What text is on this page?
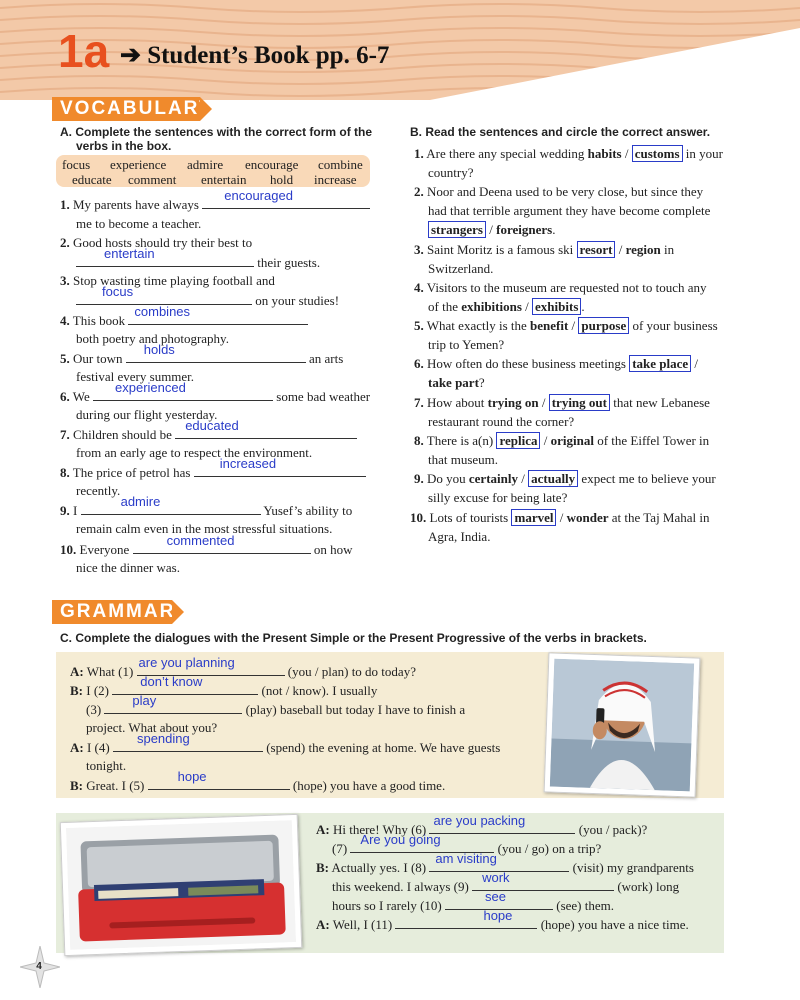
1a ➔ Student’s Book pp. 6-7
VOCABULARY
A. Complete the sentences with the correct form of the
verbs in the box.
focus experience admire encourage combine
educate comment entertain hold increase
1. My parents have always
encouraged
me to become a teacher.
2. Good hosts should try their best to
entertain
their guests.
3. Stop wasting time playing football and
focus
on your studies!
4. This book
combines
both poetry and photography.
5. Our town
holds
an arts
festival every summer.
6. We
experienced
some bad weather
during our flight yesterday.
7. Children should be
educated
from an early age to respect the environment.
8. The price of petrol has
increased
recently.
9. I
admire
Yusef’s ability to
remain calm even in the most stressful situations.
10. Everyone
commented
on how
nice the dinner was.
B. Read the sentences and circle the correct answer.
1. Are there any special wedding habits / customs in your
country?
2. Noor and Deena used to be very close, but since they
had that terrible argument they have become complete
strangers / foreigners.
3. Saint Moritz is a famous ski resort / region in
Switzerland.
4. Visitors to the museum are requested not to touch any
of the exhibitions / exhibits .
5. What exactly is the benefit / purpose of your business
trip to Yemen?
6. How often do these business meetings take place /
take part?
7. How about trying on / trying out that new Lebanese
restaurant round the corner?
8. There is a(n) replica / original of the Eiffel Tower in
that museum.
9. Do you certainly / actually expect me to believe your
silly excuse for being late?
10. Lots of tourists marvel / wonder at the Taj Mahal in
Agra, India.
GRAMMAR
C. Complete the dialogues with the Present Simple or the Present Progressive of the verbs in brackets.
A: What (1)
are you planning
(you / plan) to do today?
B: I (2)
don’t know
(not / know). I usually
(3)
play
(play) baseball but today I have to finish a
project. What about you?
A: I (4)
spending
(spend) the evening at home. We have guests
tonight.
B: Great. I (5)
hope
(hope) you have a good time.
A: Hi there! Why (6)
are you packing
(you / pack)?
(7)
Are you going
(you / go) on a trip?
B: Actually yes. I (8)
am visiting
(visit) my grandparents
this weekend. I always (9)
work
(work) long
hours so I rarely (10)
see
(see) them.
A: Well, I (11)
hope
(hope) you have a nice time.
4
